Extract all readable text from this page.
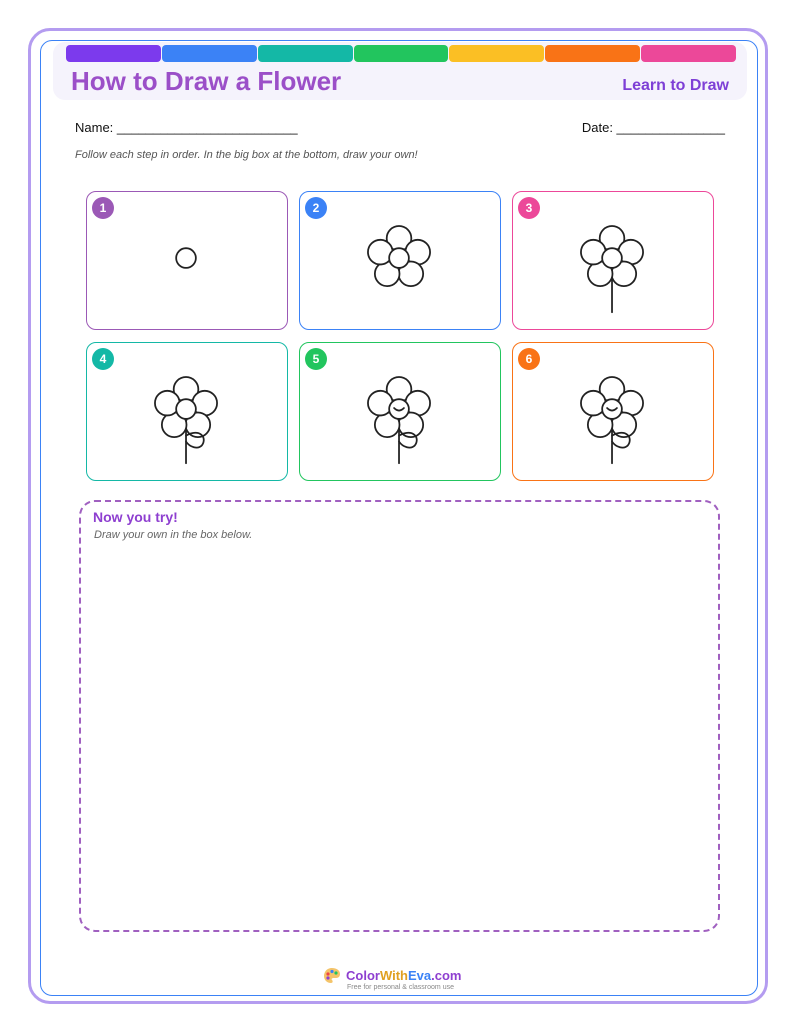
How to Draw a Flower	Learn to Draw
Name: _________________________	Date: _______________
Follow each step in order. In the big box at the bottom, draw your own!
1	2	3
4	5	6
Now you try!
Draw your own in the box below.
ColorWithEva.com
Free for personal & classroom use
